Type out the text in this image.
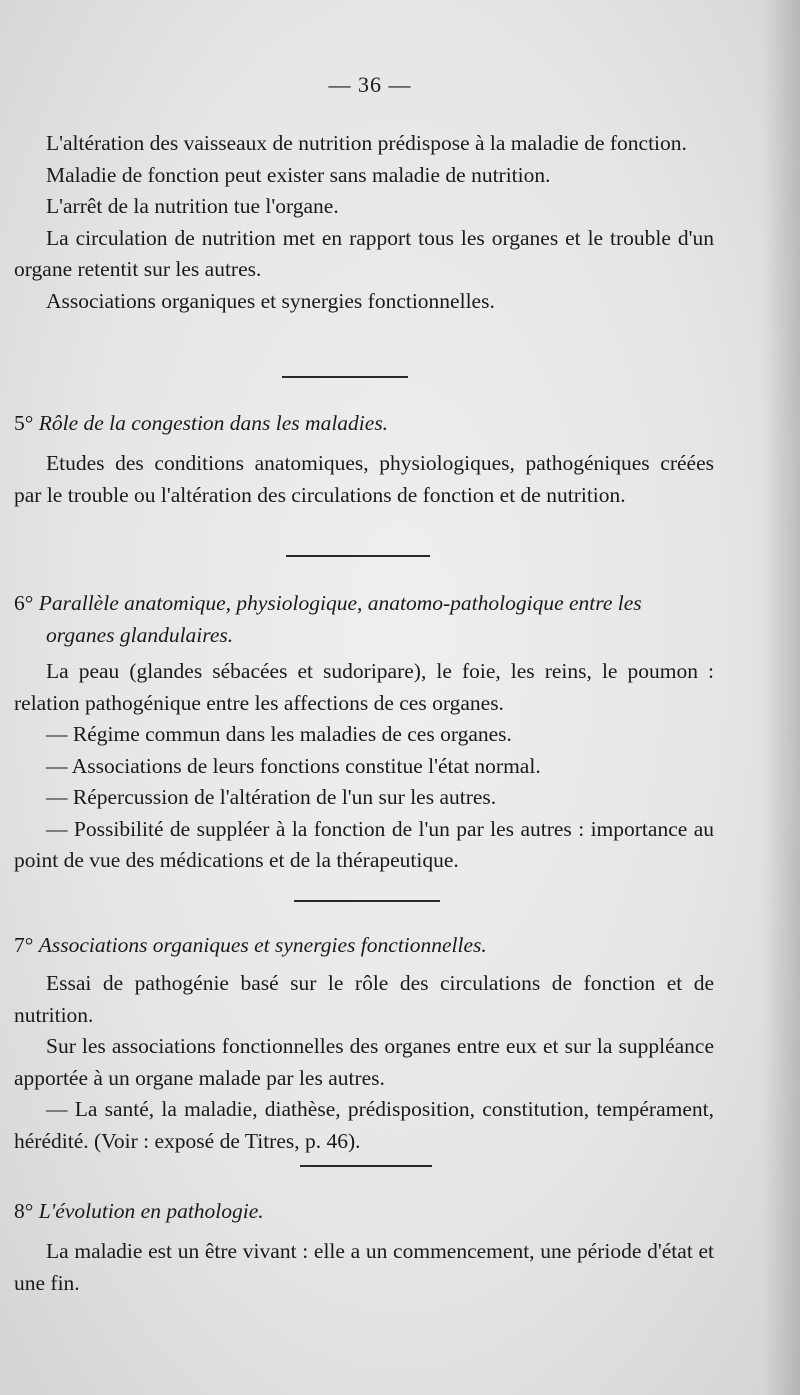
— 36 —

L'altération des vaisseaux de nutrition prédispose à la maladie de fonction.

Maladie de fonction peut exister sans maladie de nutrition.

L'arrêt de la nutrition tue l'organe.

La circulation de nutrition met en rapport tous les organes et le trouble d'un organe retentit sur les autres.

Associations organiques et synergies fonctionnelles.

5° Rôle de la congestion dans les maladies.

Etudes des conditions anatomiques, physiologiques, pathogéniques créées par le trouble ou l'altération des circulations de fonction et de nutrition.

6° Parallèle anatomique, physiologique, anatomo-pathologique entre les organes glandulaires.

La peau (glandes sébacées et sudoripare), le foie, les reins, le poumon : relation pathogénique entre les affections de ces organes.

— Régime commun dans les maladies de ces organes.

— Associations de leurs fonctions constitue l'état normal.

— Répercussion de l'altération de l'un sur les autres.

— Possibilité de suppléer à la fonction de l'un par les autres : importance au point de vue des médications et de la thérapeutique.

7° Associations organiques et synergies fonctionnelles.

Essai de pathogénie basé sur le rôle des circulations de fonction et de nutrition.

Sur les associations fonctionnelles des organes entre eux et sur la suppléance apportée à un organe malade par les autres.

— La santé, la maladie, diathèse, prédisposition, constitution, tempérament, hérédité. (Voir : exposé de Titres, p. 46).

8° L'évolution en pathologie.

La maladie est un être vivant : elle a un commencement, une période d'état et une fin.
